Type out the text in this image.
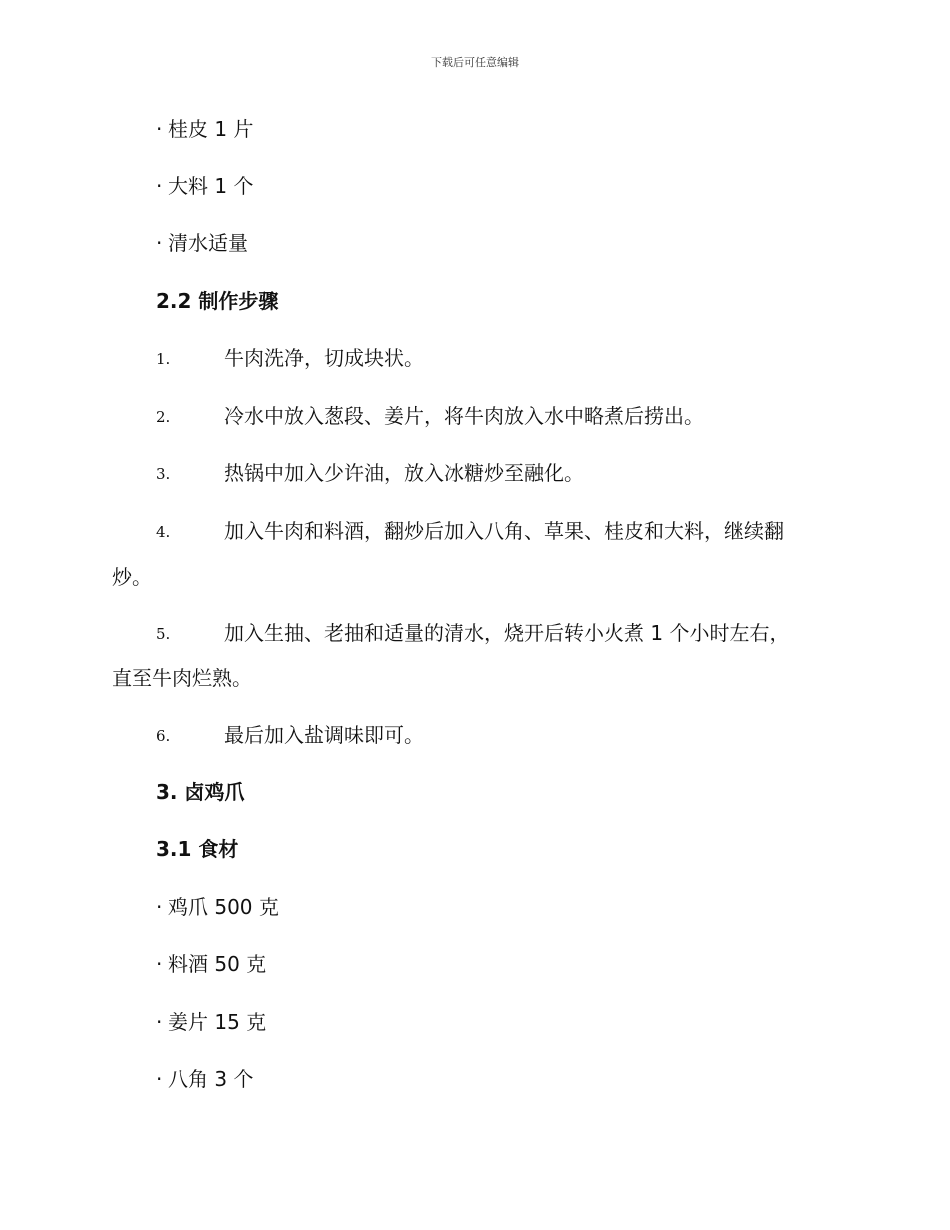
下载后可任意编辑
· 桂皮 1 片
· 大料 1 个
· 清水适量
2.2 制作步骤
1.	牛肉洗净，切成块状。
2.	冷水中放入葱段、姜片，将牛肉放入水中略煮后捞出。
3.	热锅中加入少许油，放入冰糖炒至融化。
4.	加入牛肉和料酒，翻炒后加入八角、草果、桂皮和大料，继续翻
炒。
5.	加入生抽、老抽和适量的清水，烧开后转小火煮 1 个小时左右，
直至牛肉烂熟。
6.	最后加入盐调味即可。
3. 卤鸡爪
3.1 食材
· 鸡爪 500 克
· 料酒 50 克
· 姜片 15 克
· 八角 3 个
